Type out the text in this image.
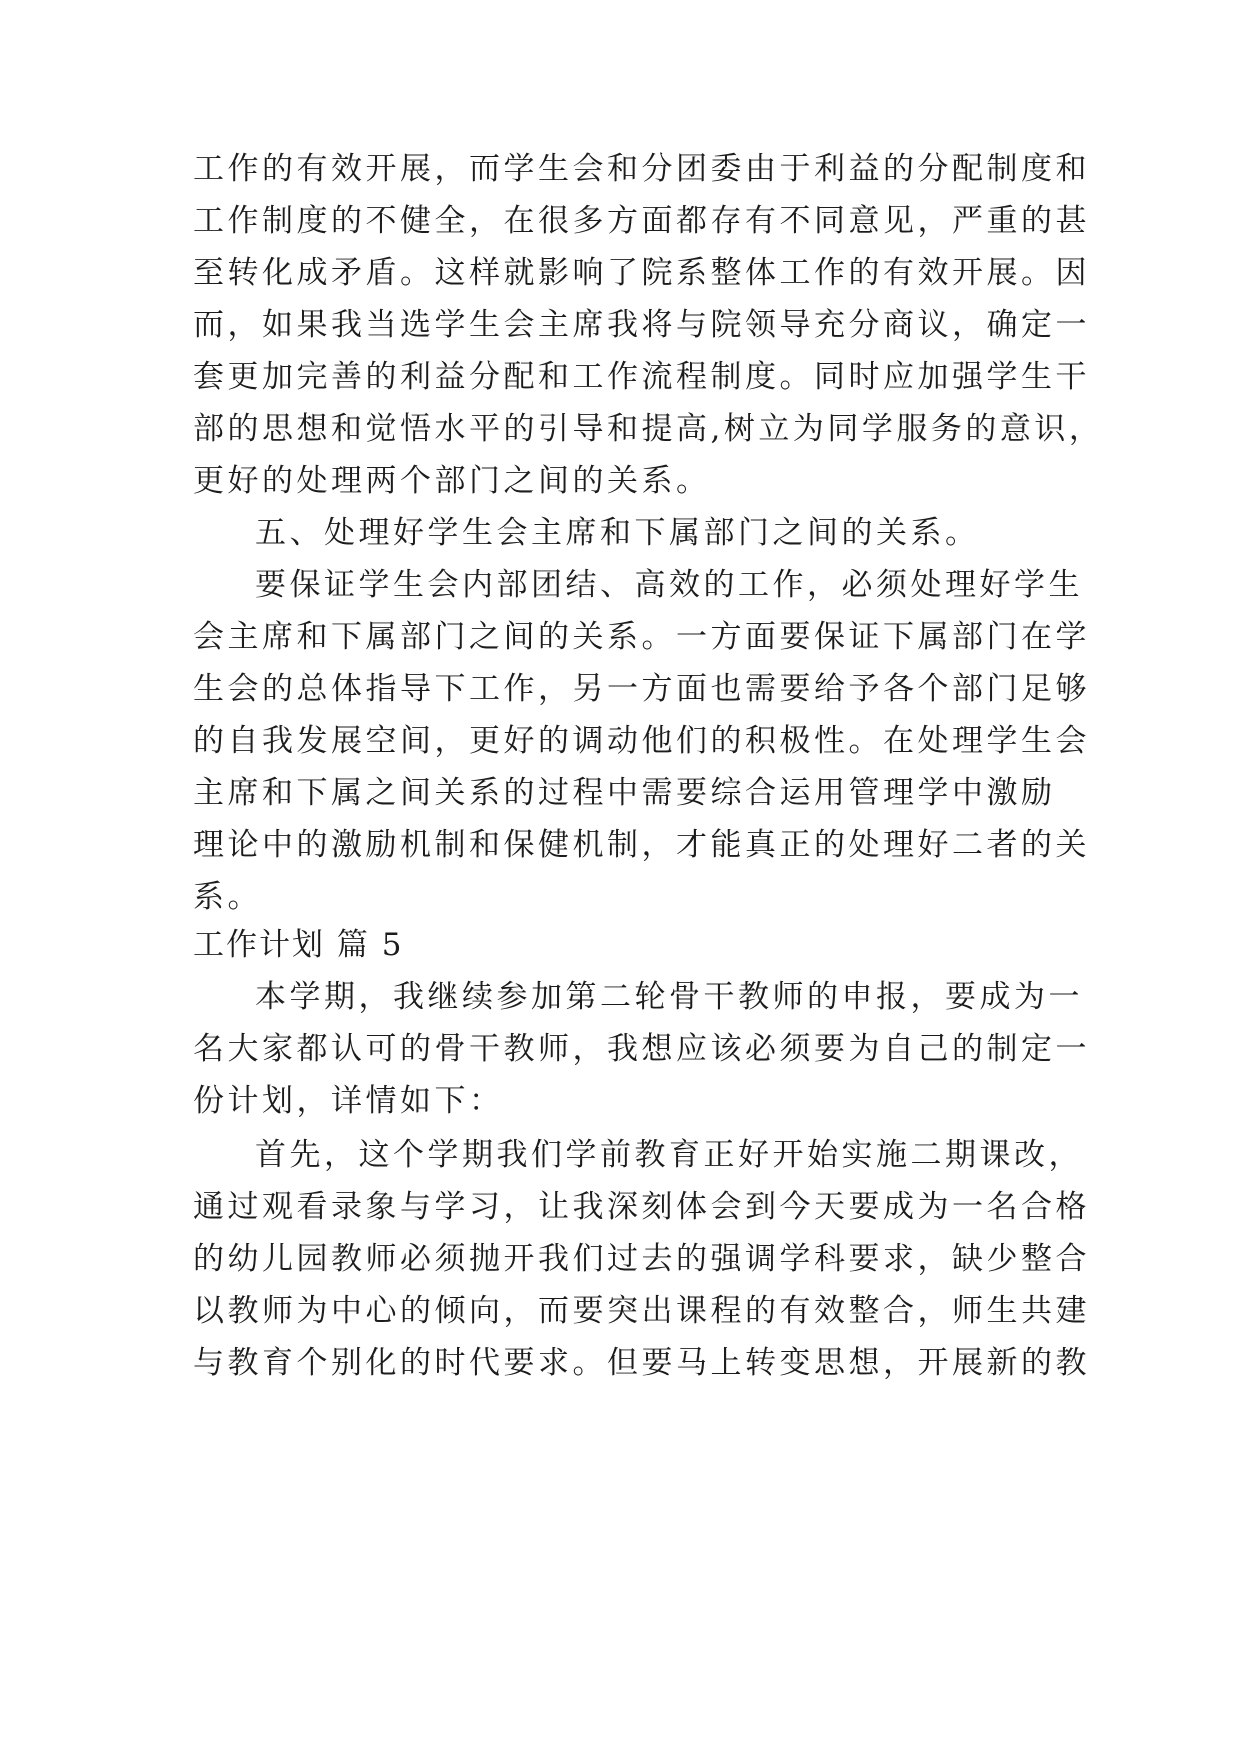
工作的有效开展，而学生会和分团委由于利益的分配制度和
工作制度的不健全，在很多方面都存有不同意见，严重的甚
至转化成矛盾。这样就影响了院系整体工作的有效开展。因
而，如果我当选学生会主席我将与院领导充分商议，确定一
套更加完善的利益分配和工作流程制度。同时应加强学生干
部的思想和觉悟水平的引导和提高,树立为同学服务的意识，
更好的处理两个部门之间的关系。
五、处理好学生会主席和下属部门之间的关系。
要保证学生会内部团结、高效的工作，必须处理好学生
会主席和下属部门之间的关系。一方面要保证下属部门在学
生会的总体指导下工作，另一方面也需要给予各个部门足够
的自我发展空间，更好的调动他们的积极性。在处理学生会
主席和下属之间关系的过程中需要综合运用管理学中激励
理论中的激励机制和保健机制，才能真正的处理好二者的关
系。
工作计划 篇 5
本学期，我继续参加第二轮骨干教师的申报，要成为一
名大家都认可的骨干教师，我想应该必须要为自己的制定一
份计划，详情如下：
首先，这个学期我们学前教育正好开始实施二期课改，
通过观看录象与学习，让我深刻体会到今天要成为一名合格
的幼儿园教师必须抛开我们过去的强调学科要求，缺少整合
以教师为中心的倾向，而要突出课程的有效整合，师生共建
与教育个别化的时代要求。但要马上转变思想，开展新的教
